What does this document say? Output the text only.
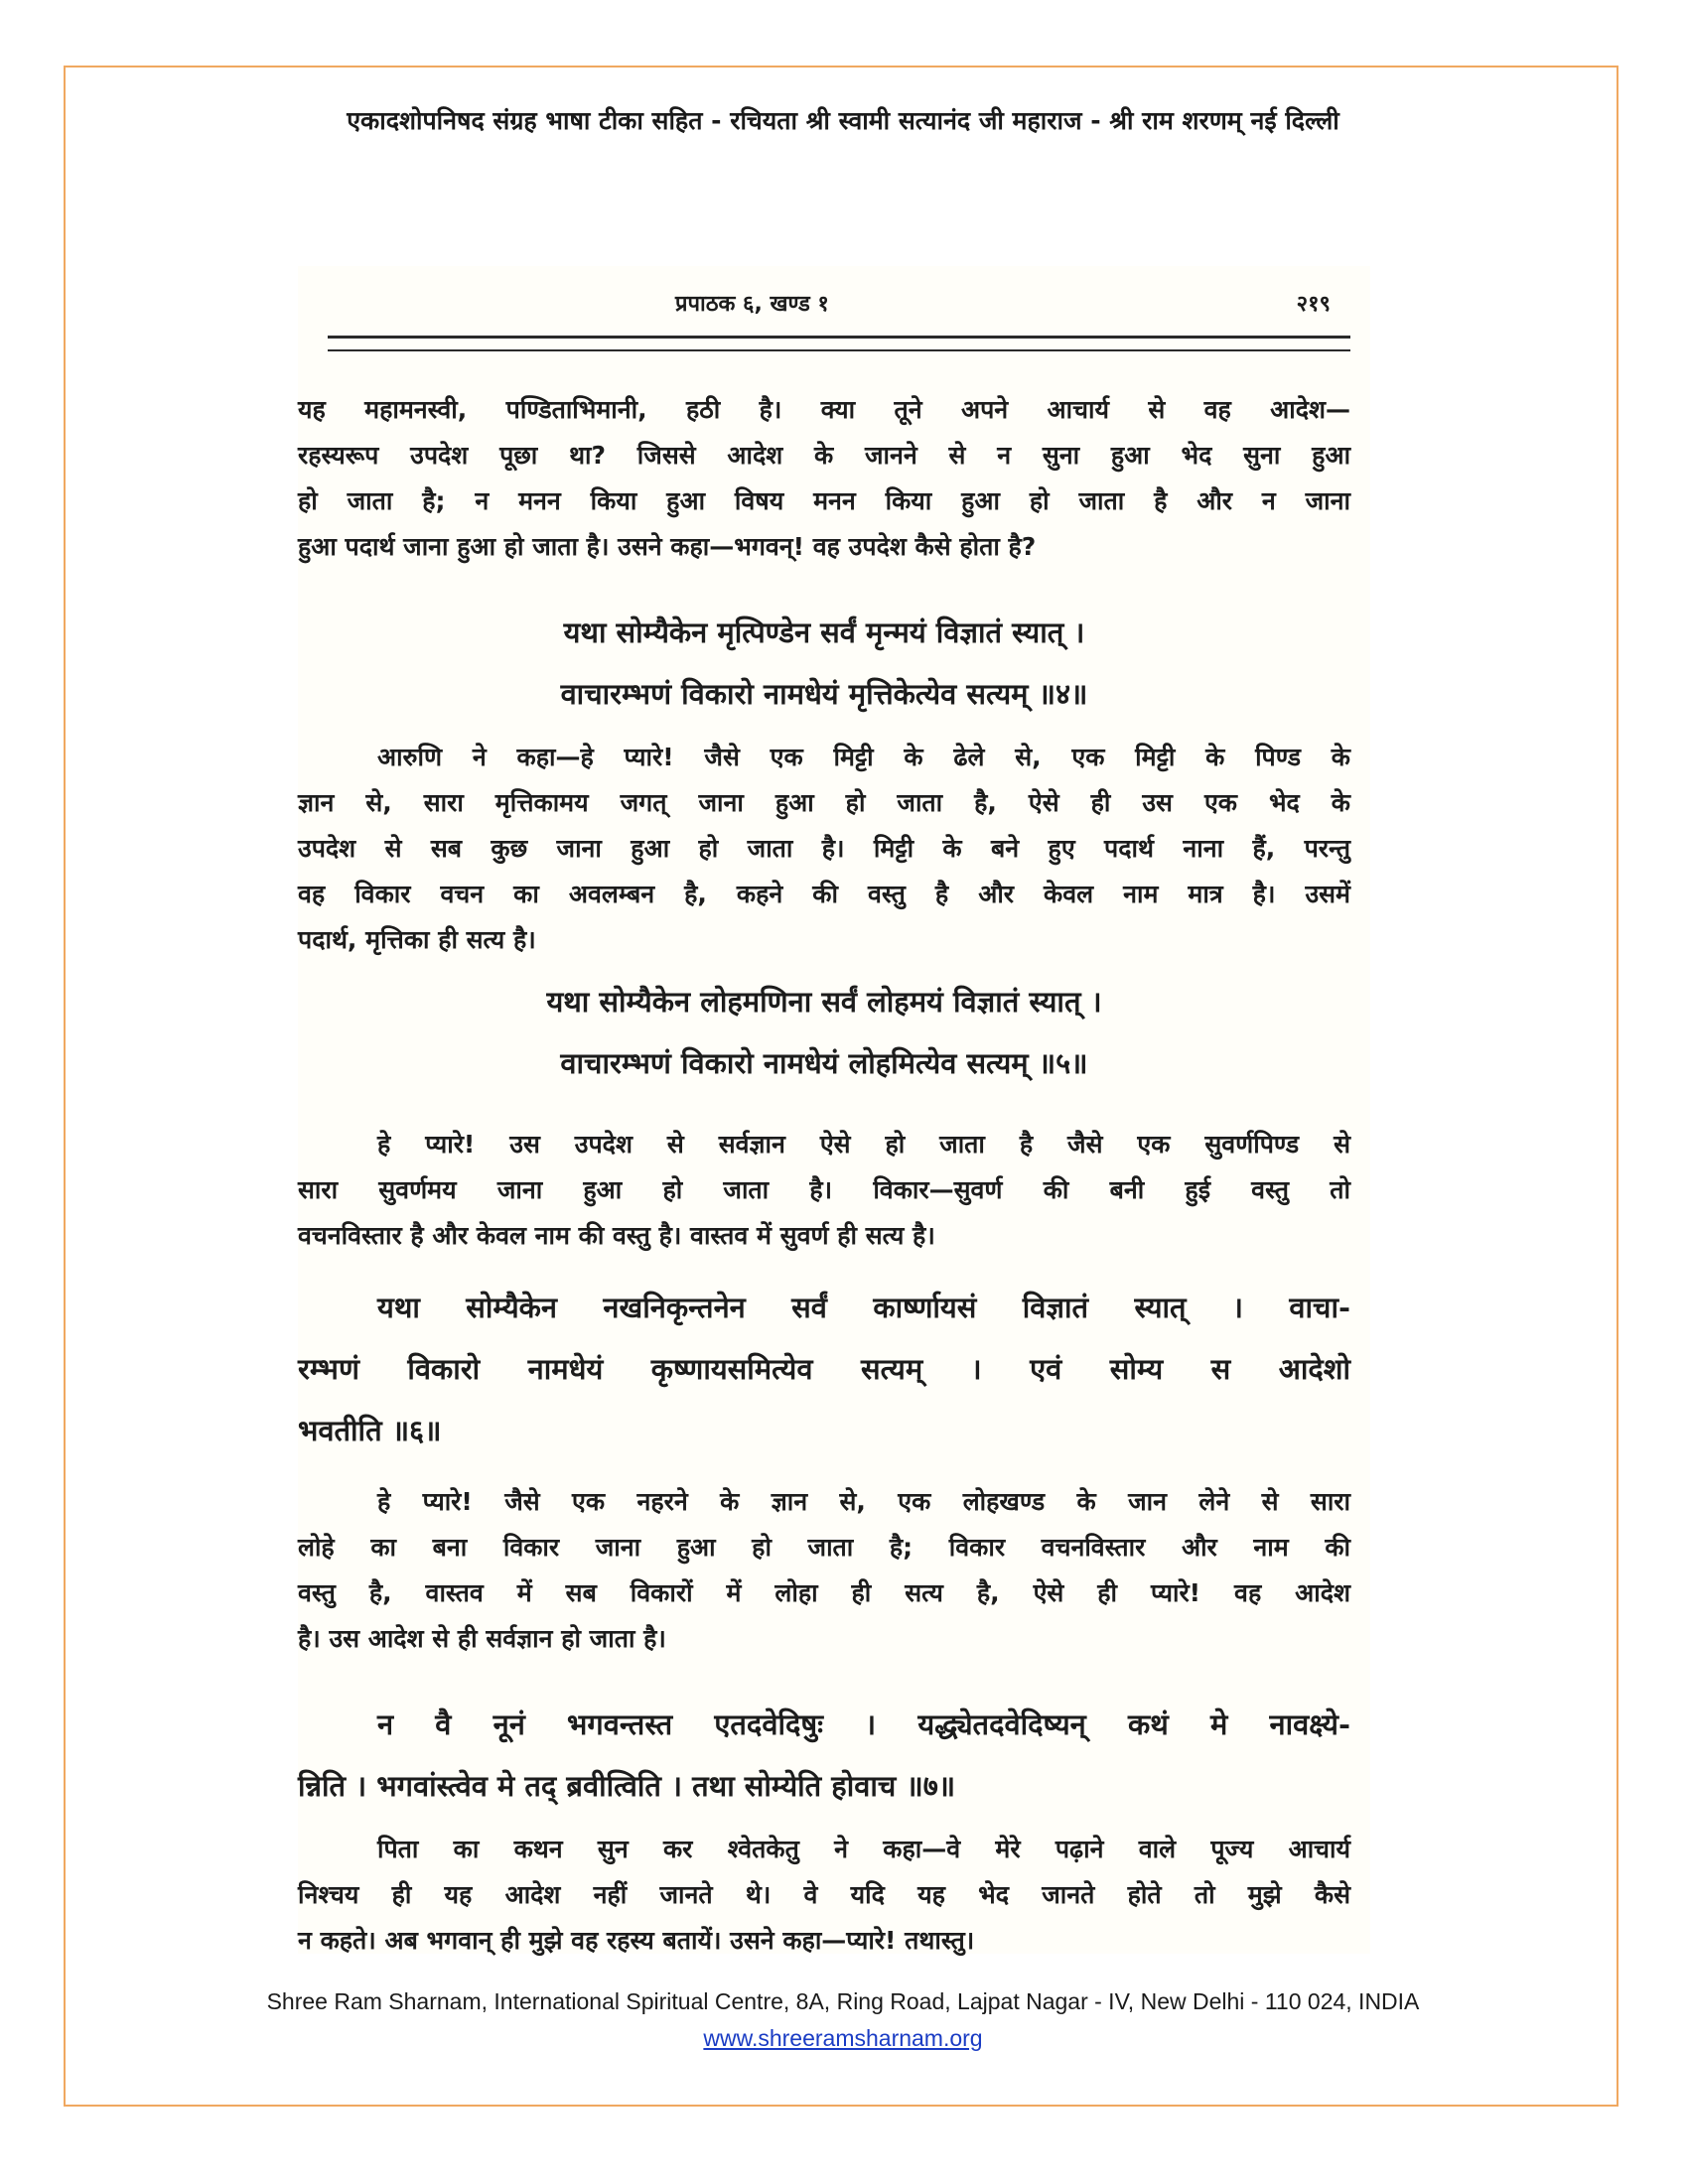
एकादशोपनिषद संग्रह भाषा टीका सहित - रचियता श्री स्वामी सत्यानंद जी महाराज - श्री राम शरणम् नई दिल्ली
प्रपाठक ६, खण्ड १	२१९
यह महामनस्वी, पण्डिताभिमानी, हठी है। क्या तूने अपने आचार्य से वह आदेश—
रहस्यरूप उपदेश पूछा था? जिससे आदेश के जानने से न सुना हुआ भेद सुना हुआ
हो जाता है; न मनन किया हुआ विषय मनन किया हुआ हो जाता है और न जाना
हुआ पदार्थ जाना हुआ हो जाता है। उसने कहा—भगवन्! वह उपदेश कैसे होता है?
यथा सोम्यैकेन मृत्पिण्डेन सर्वं मृन्मयं विज्ञातं स्यात् ।
वाचारम्भणं विकारो नामधेयं मृत्तिकेत्येव सत्यम् ॥४॥
आरुणि ने कहा—हे प्यारे! जैसे एक मिट्टी के ढेले से, एक मिट्टी के पिण्ड के
ज्ञान से, सारा मृत्तिकामय जगत् जाना हुआ हो जाता है, ऐसे ही उस एक भेद के
उपदेश से सब कुछ जाना हुआ हो जाता है। मिट्टी के बने हुए पदार्थ नाना हैं, परन्तु
वह विकार वचन का अवलम्बन है, कहने की वस्तु है और केवल नाम मात्र है। उसमें
पदार्थ, मृत्तिका ही सत्य है।
यथा सोम्यैकेन लोहमणिना सर्वं लोहमयं विज्ञातं स्यात् ।
वाचारम्भणं विकारो नामधेयं लोहमित्येव सत्यम् ॥५॥
हे प्यारे! उस उपदेश से सर्वज्ञान ऐसे हो जाता है जैसे एक सुवर्णपिण्ड से
सारा सुवर्णमय जाना हुआ हो जाता है। विकार—सुवर्ण की बनी हुई वस्तु तो
वचनविस्तार है और केवल नाम की वस्तु है। वास्तव में सुवर्ण ही सत्य है।
यथा सोम्यैकेन नखनिकृन्तनेन सर्वं कार्ष्णायसं विज्ञातं स्यात् । वाचा-
रम्भणं विकारो नामधेयं कृष्णायसमित्येव सत्यम् । एवं सोम्य स आदेशो
भवतीति ॥६॥
हे प्यारे! जैसे एक नहरने के ज्ञान से, एक लोहखण्ड के जान लेने से सारा
लोहे का बना विकार जाना हुआ हो जाता है; विकार वचनविस्तार और नाम की
वस्तु है, वास्तव में सब विकारों में लोहा ही सत्य है, ऐसे ही प्यारे! वह आदेश
है। उस आदेश से ही सर्वज्ञान हो जाता है।
न वै नूनं भगवन्तस्त एतदवेदिषुः । यद्ध्येतदवेदिष्यन् कथं मे नावक्ष्ये-
न्निति । भगवांस्त्वेव मे तद् ब्रवीत्विति । तथा सोम्येति होवाच ॥७॥
पिता का कथन सुन कर श्वेतकेतु ने कहा—वे मेरे पढ़ाने वाले पूज्य आचार्य
निश्चय ही यह आदेश नहीं जानते थे। वे यदि यह भेद जानते होते तो मुझे कैसे
न कहते। अब भगवान् ही मुझे वह रहस्य बतायें। उसने कहा—प्यारे! तथास्तु।
Shree Ram Sharnam, International Spiritual Centre, 8A, Ring Road, Lajpat Nagar - IV, New Delhi - 110 024, INDIA
www.shreeramsharnam.org
